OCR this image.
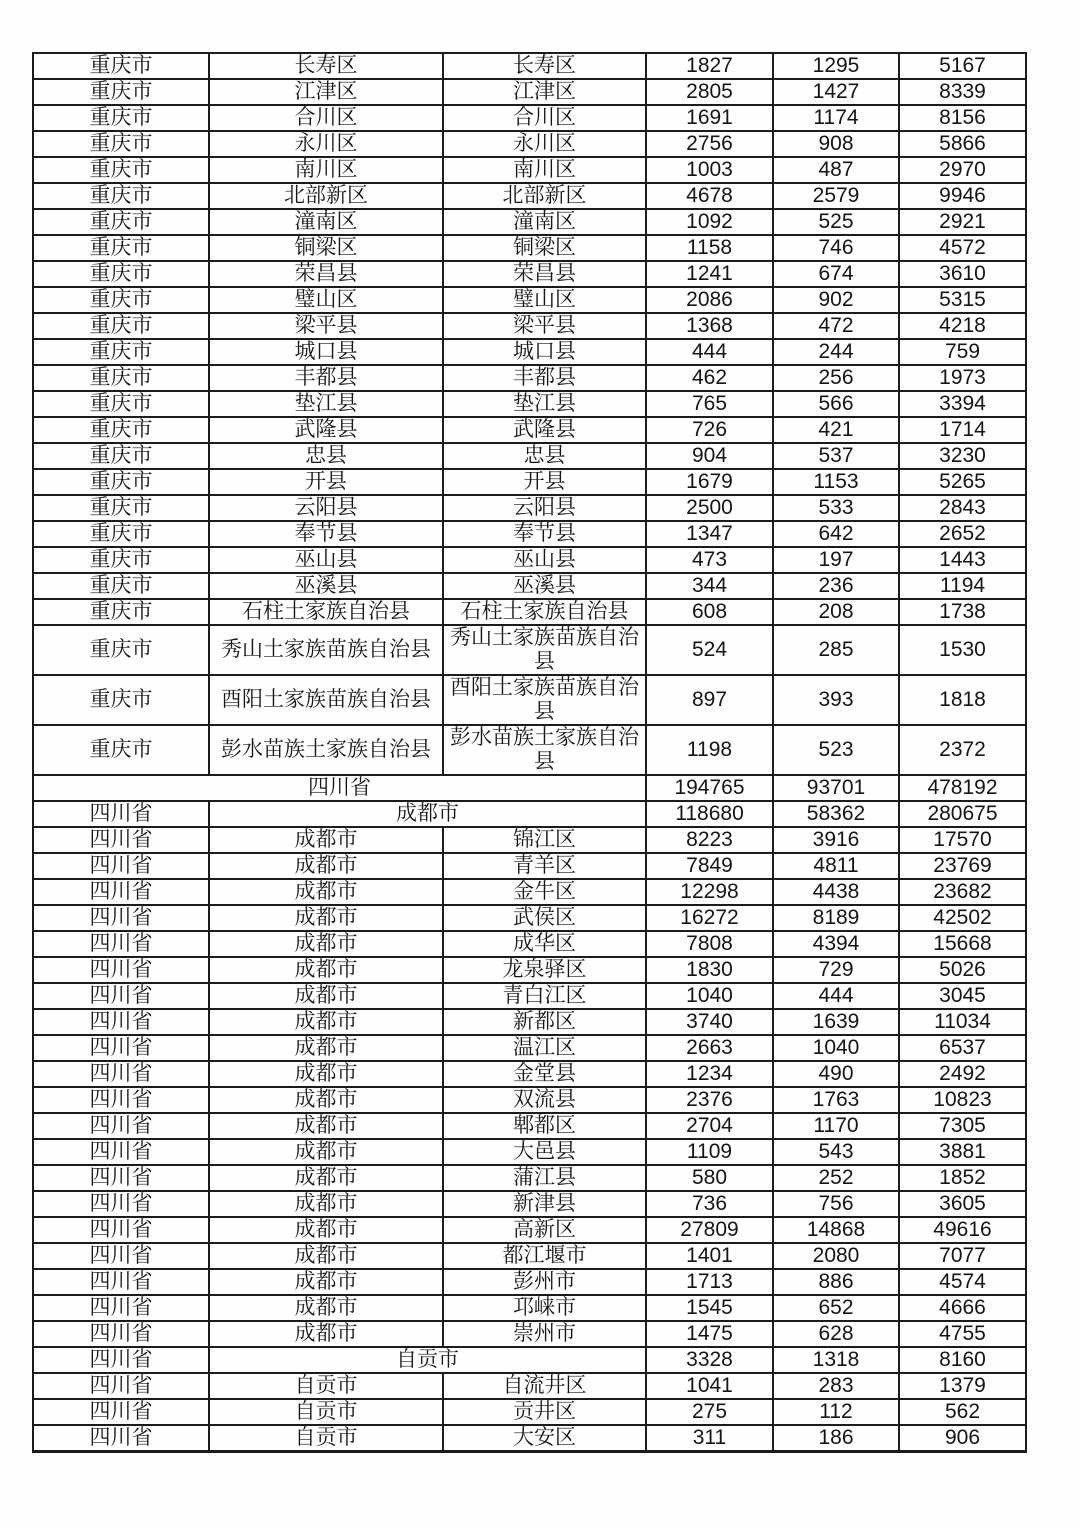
重庆市	长寿区	长寿区	1827	1295	5167
重庆市	江津区	江津区	2805	1427	8339
重庆市	合川区	合川区	1691	1174	8156
重庆市	永川区	永川区	2756	908	5866
重庆市	南川区	南川区	1003	487	2970
重庆市	北部新区	北部新区	4678	2579	9946
重庆市	潼南区	潼南区	1092	525	2921
重庆市	铜梁区	铜梁区	1158	746	4572
重庆市	荣昌县	荣昌县	1241	674	3610
重庆市	璧山区	璧山区	2086	902	5315
重庆市	梁平县	梁平县	1368	472	4218
重庆市	城口县	城口县	444	244	759
重庆市	丰都县	丰都县	462	256	1973
重庆市	垫江县	垫江县	765	566	3394
重庆市	武隆县	武隆县	726	421	1714
重庆市	忠县	忠县	904	537	3230
重庆市	开县	开县	1679	1153	5265
重庆市	云阳县	云阳县	2500	533	2843
重庆市	奉节县	奉节县	1347	642	2652
重庆市	巫山县	巫山县	473	197	1443
重庆市	巫溪县	巫溪县	344	236	1194
重庆市	石柱土家族自治县	石柱土家族自治县	608	208	1738
重庆市	秀山土家族苗族自治县	秀山土家族苗族自治县	524	285	1530
重庆市	酉阳土家族苗族自治县	酉阳土家族苗族自治县	897	393	1818
重庆市	彭水苗族土家族自治县	彭水苗族土家族自治县	1198	523	2372
四川省			194765	93701	478192
四川省	成都市		118680	58362	280675
四川省	成都市	锦江区	8223	3916	17570
四川省	成都市	青羊区	7849	4811	23769
四川省	成都市	金牛区	12298	4438	23682
四川省	成都市	武侯区	16272	8189	42502
四川省	成都市	成华区	7808	4394	15668
四川省	成都市	龙泉驿区	1830	729	5026
四川省	成都市	青白江区	1040	444	3045
四川省	成都市	新都区	3740	1639	11034
四川省	成都市	温江区	2663	1040	6537
四川省	成都市	金堂县	1234	490	2492
四川省	成都市	双流县	2376	1763	10823
四川省	成都市	郫都区	2704	1170	7305
四川省	成都市	大邑县	1109	543	3881
四川省	成都市	蒲江县	580	252	1852
四川省	成都市	新津县	736	756	3605
四川省	成都市	高新区	27809	14868	49616
四川省	成都市	都江堰市	1401	2080	7077
四川省	成都市	彭州市	1713	886	4574
四川省	成都市	邛崃市	1545	652	4666
四川省	成都市	崇州市	1475	628	4755
四川省	自贡市		3328	1318	8160
四川省	自贡市	自流井区	1041	283	1379
四川省	自贡市	贡井区	275	112	562
四川省	自贡市	大安区	311	186	906
